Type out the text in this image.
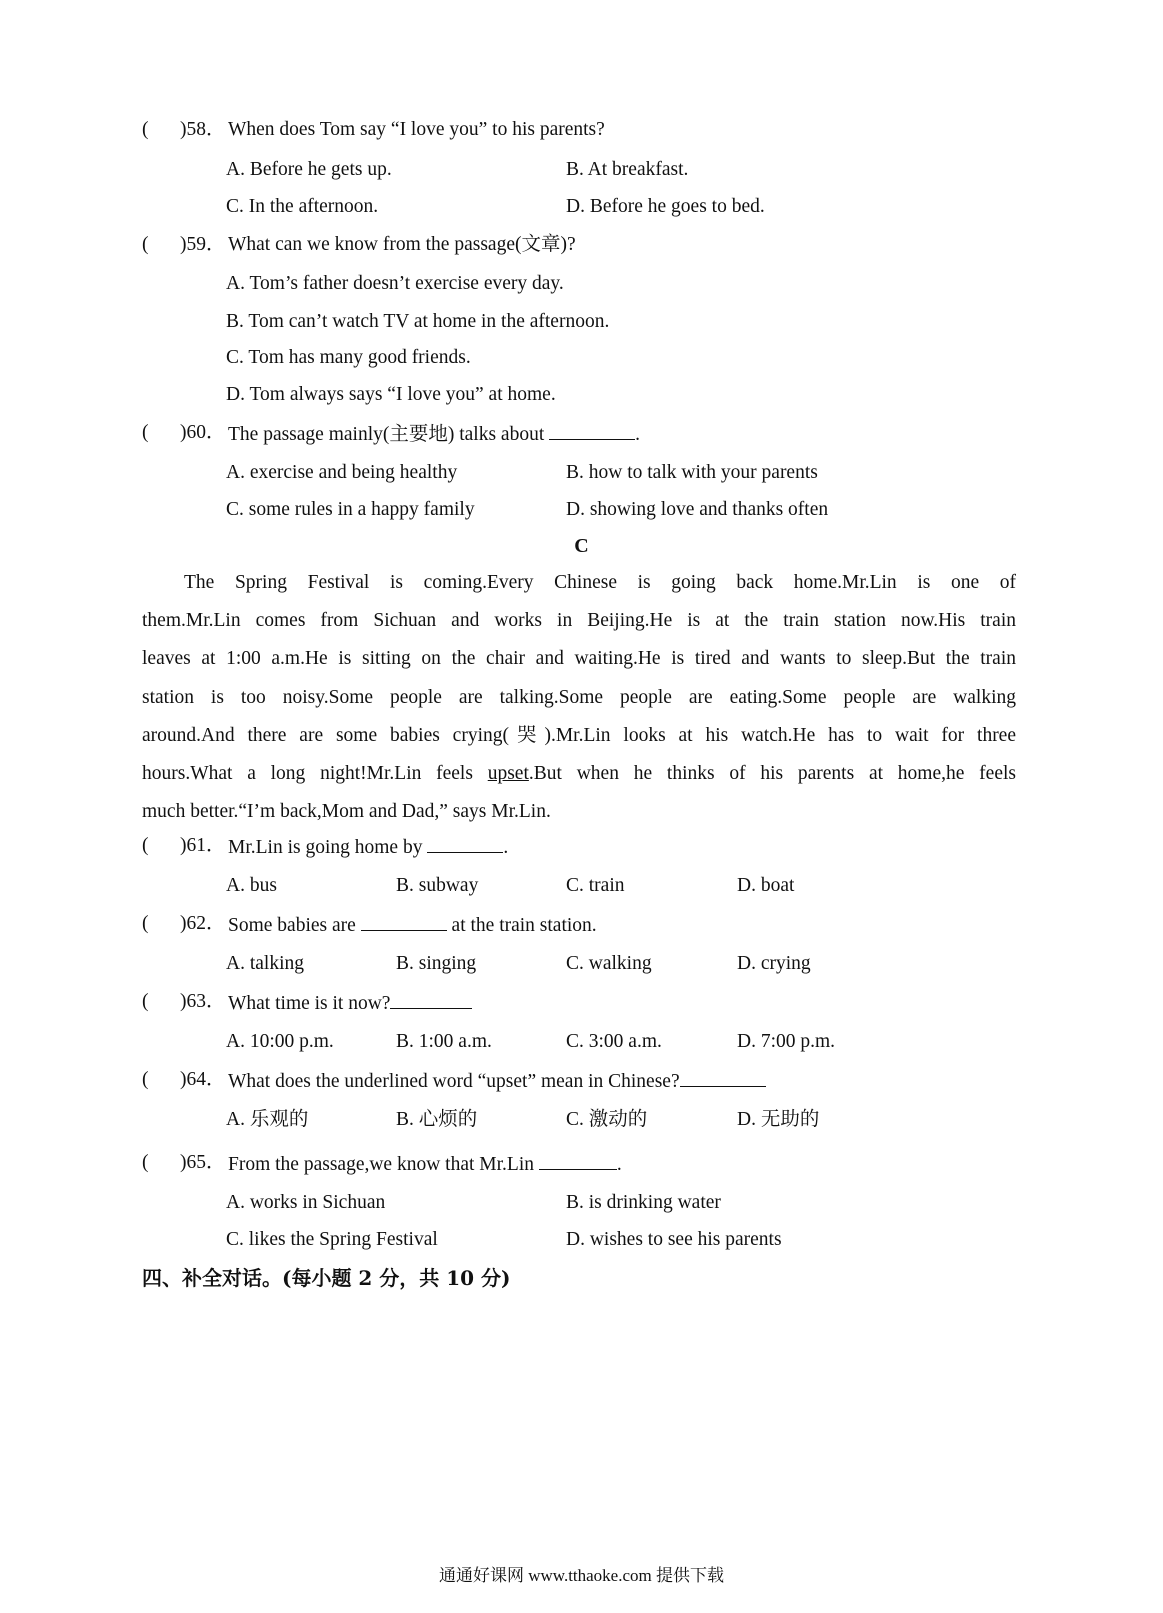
( )58． When does Tom say “I love you” to his parents?
A. Before he gets up.	B. At breakfast.
C. In the afternoon.	D. Before he goes to bed.
( )59． What can we know from the passage(文章)?
A. Tom’s father doesn’t exercise every day.
B. Tom can’t watch TV at home in the afternoon.
C. Tom has many good friends.
D. Tom always says “I love you” at home.
( )60． The passage mainly(主要地) talks about	.
A. exercise and being healthy	B. how to talk with your parents
C. some rules in a happy family	D. showing love and thanks often
C
The Spring Festival is coming.Every Chinese is going back home.Mr.Lin is one of
them.Mr.Lin comes from Sichuan and works in Beijing.He is at the train station now.His train
leaves at 1:00 a.m.He is sitting on the chair and waiting.He is tired and wants to sleep.But the train
station is too noisy.Some people are talking.Some people are eating.Some people are walking
around.And there are some babies crying(哭).Mr.Lin looks at his watch.He has to wait for three
hours.What a long night!Mr.Lin feels upset.But when he thinks of his parents at home,he feels
much better.“I’m back,Mom and Dad,” says Mr.Lin.
( )61． Mr.Lin is going home by	.
A. bus	B. subway	C. train	D. boat
( )62． Some babies are	at the train station.
A. talking	B. singing	C. walking	D. crying
( )63． What time is it now?
A. 10:00 p.m.	B. 1:00 a.m.	C. 3:00 a.m.	D. 7:00 p.m.
( )64． What does the underlined word “upset” mean in Chinese?
A. 乐观的	B. 心烦的	C. 激动的	D. 无助的
( )65． From the passage,we know that Mr.Lin	.
A. works in Sichuan	B. is drinking water
C. likes the Spring Festival	D. wishes to see his parents
四、补全对话。(每小题 2 分，共 10 分)
通通好课网 www.tthaoke.com 提供下载
